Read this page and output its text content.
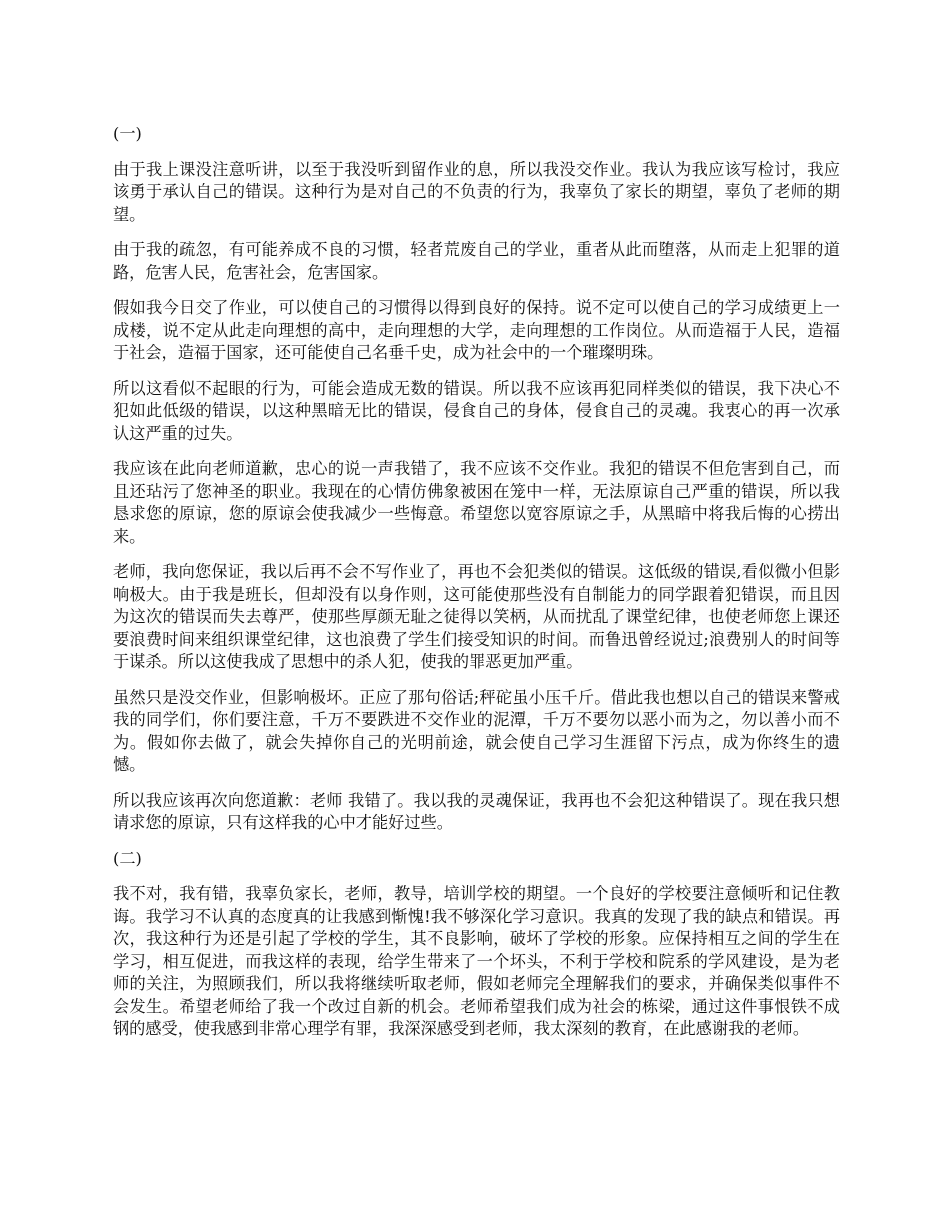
(一)

由于我上课没注意听讲，以至于我没听到留作业的息，所以我没交作业。我认为我应该写检讨，我应该勇于承认自己的错误。这种行为是对自己的不负责的行为，我辜负了家长的期望，辜负了老师的期望。

由于我的疏忽，有可能养成不良的习惯，轻者荒废自己的学业，重者从此而堕落，从而走上犯罪的道路，危害人民，危害社会，危害国家。

假如我今日交了作业，可以使自己的习惯得以得到良好的保持。说不定可以使自己的学习成绩更上一成楼，说不定从此走向理想的高中，走向理想的大学，走向理想的工作岗位。从而造福于人民，造福于社会，造福于国家，还可能使自己名垂千史，成为社会中的一个璀璨明珠。

所以这看似不起眼的行为，可能会造成无数的错误。所以我不应该再犯同样类似的错误，我下决心不犯如此低级的错误，以这种黑暗无比的错误，侵食自己的身体，侵食自己的灵魂。我衷心的再一次承认这严重的过失。

我应该在此向老师道歉，忠心的说一声我错了，我不应该不交作业。我犯的错误不但危害到自己，而且还玷污了您神圣的职业。我现在的心情仿佛象被困在笼中一样，无法原谅自己严重的错误，所以我恳求您的原谅，您的原谅会使我减少一些悔意。希望您以宽容原谅之手，从黑暗中将我后悔的心捞出来。

老师，我向您保证，我以后再不会不写作业了，再也不会犯类似的错误。这低级的错误,看似微小但影响极大。由于我是班长，但却没有以身作则，这可能使那些没有自制能力的同学跟着犯错误，而且因为这次的错误而失去尊严，使那些厚颜无耻之徒得以笑柄，从而扰乱了课堂纪律，也使老师您上课还要浪费时间来组织课堂纪律，这也浪费了学生们接受知识的时间。而鲁迅曾经说过;浪费别人的时间等于谋杀。所以这使我成了思想中的杀人犯，使我的罪恶更加严重。

虽然只是没交作业，但影响极坏。正应了那句俗话;秤砣虽小压千斤。借此我也想以自己的错误来警戒我的同学们，你们要注意，千万不要跌进不交作业的泥潭，千万不要勿以恶小而为之，勿以善小而不为。假如你去做了，就会失掉你自己的光明前途，就会使自己学习生涯留下污点，成为你终生的遗憾。

所以我应该再次向您道歉：老师 我错了。我以我的灵魂保证，我再也不会犯这种错误了。现在我只想请求您的原谅，只有这样我的心中才能好过些。

(二)

我不对，我有错，我辜负家长，老师，教导，培训学校的期望。一个良好的学校要注意倾听和记住教诲。我学习不认真的态度真的让我感到惭愧!我不够深化学习意识。我真的发现了我的缺点和错误。再次，我这种行为还是引起了学校的学生，其不良影响，破坏了学校的形象。应保持相互之间的学生在学习，相互促进，而我这样的表现，给学生带来了一个坏头，不利于学校和院系的学风建设，是为老师的关注，为照顾我们，所以我将继续听取老师，假如老师完全理解我们的要求，并确保类似事件不会发生。希望老师给了我一个改过自新的机会。老师希望我们成为社会的栋梁，通过这件事恨铁不成钢的感受，使我感到非常心理学有罪，我深深感受到老师，我太深刻的教育，在此感谢我的老师。
